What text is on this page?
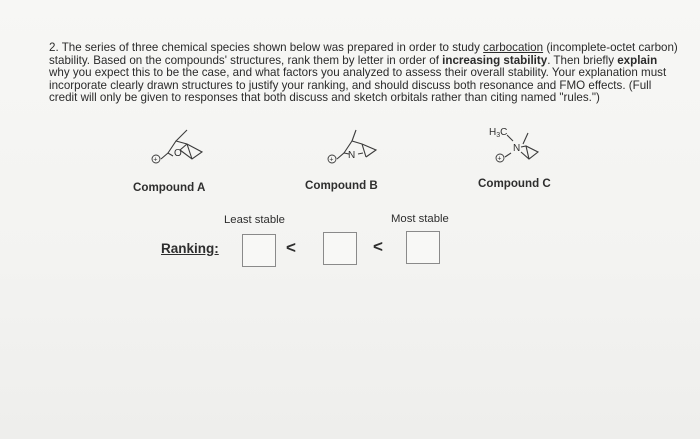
2. The series of three chemical species shown below was prepared in order to study carbocation (incomplete-octet carbon) stability. Based on the compounds' structures, rank them by letter in order of increasing stability. Then briefly explain why you expect this to be the case, and what factors you analyzed to assess their overall stability. Your explanation must incorporate clearly drawn structures to justify your ranking, and should discuss both resonance and FMO effects. (Full credit will only be given to responses that both discuss and sketch orbitals rather than citing named "rules.")
+
O
Compound A
+ N
Compound B
$H_3C$
N
+
Compound C
Least stable	Most stable
Ranking:	<	<
